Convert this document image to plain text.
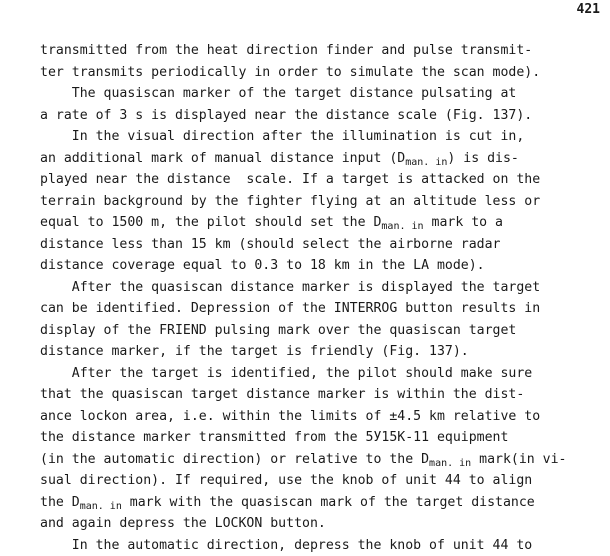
421
transmitted from the heat direction finder and pulse transmit-
ter transmits periodically in order to simulate the scan mode).
The quasiscan marker of the target distance pulsating at
a rate of 3 s is displayed near the distance scale (Fig. 137).
In the visual direction after the illumination is cut in,
an additional mark of manual distance input $(D_{man. in})$ is dis-
played near the distance  scale. If a target is attacked on the
terrain background by the fighter flying at an altitude less or
equal to 1500 m, the pilot should set the $D_{man. in}$ mark to a
distance less than 15 km (should select the airborne radar
distance coverage equal to 0.3 to 18 km in the LA mode).
After the quasiscan distance marker is displayed the target
can be identified. Depression of the INTERROG button results in
display of the FRIEND pulsing mark over the quasiscan target
distance marker, if the target is friendly (Fig. 137).
After the target is identified, the pilot should make sure
that the quasiscan target distance marker is within the dist-
ance lockon area, i.e. within the limits of ±4.5 km relative to
the distance marker transmitted from the 5У15К-11 equipment
(in the automatic direction) or relative to the $D_{man. in}$ mark(in vi-
sual direction). If required, use the knob of unit 44 to align
the $D_{man. in}$ mark with the quasiscan mark of the target distance
and again depress the LOCKON button.
In the automatic direction, depress the knob of unit 44 to
